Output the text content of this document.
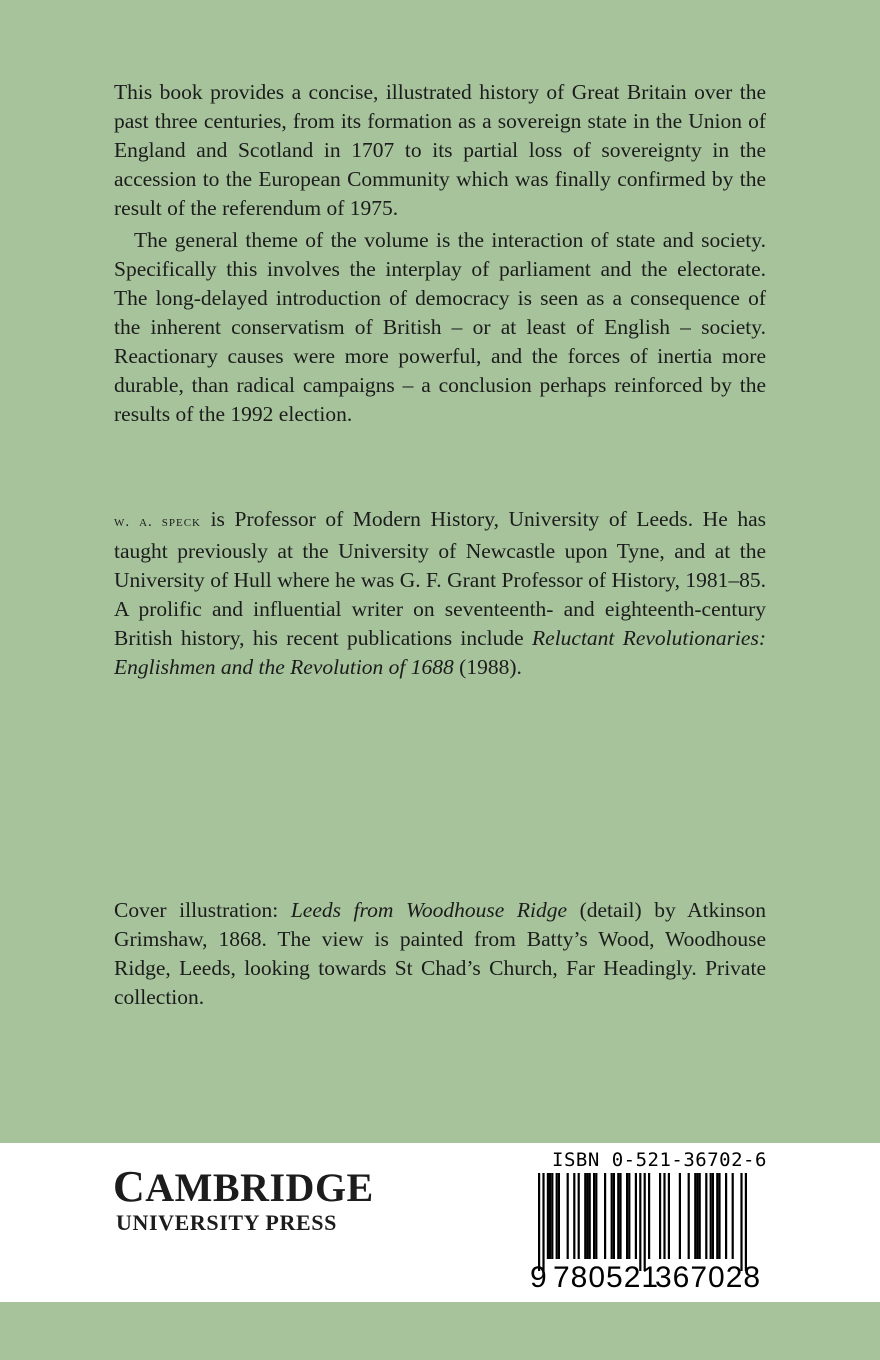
This book provides a concise, illustrated history of Great Britain over the past three centuries, from its formation as a sovereign state in the Union of England and Scotland in 1707 to its partial loss of sovereignty in the accession to the European Community which was finally confirmed by the result of the referendum of 1975.

The general theme of the volume is the interaction of state and society. Specifically this involves the interplay of parliament and the electorate. The long-delayed introduction of democracy is seen as a consequence of the inherent conservatism of British – or at least of English – society. Reactionary causes were more powerful, and the forces of inertia more durable, than radical campaigns – a conclusion perhaps reinforced by the results of the 1992 election.

w. a. speck is Professor of Modern History, University of Leeds. He has taught previously at the University of Newcastle upon Tyne, and at the University of Hull where he was G. F. Grant Professor of History, 1981–85. A prolific and influential writer on seventeenth- and eighteenth-century British history, his recent publications include Reluctant Revolutionaries: Englishmen and the Revolution of 1688 (1988).

Cover illustration: Leeds from Woodhouse Ridge (detail) by Atkinson Grimshaw, 1868. The view is painted from Batty’s Wood, Woodhouse Ridge, Leeds, looking towards St Chad’s Church, Far Headingly. Private collection.

CAMBRIDGE
UNIVERSITY PRESS
ISBN 0-521-36702-6
9 780521
367028
